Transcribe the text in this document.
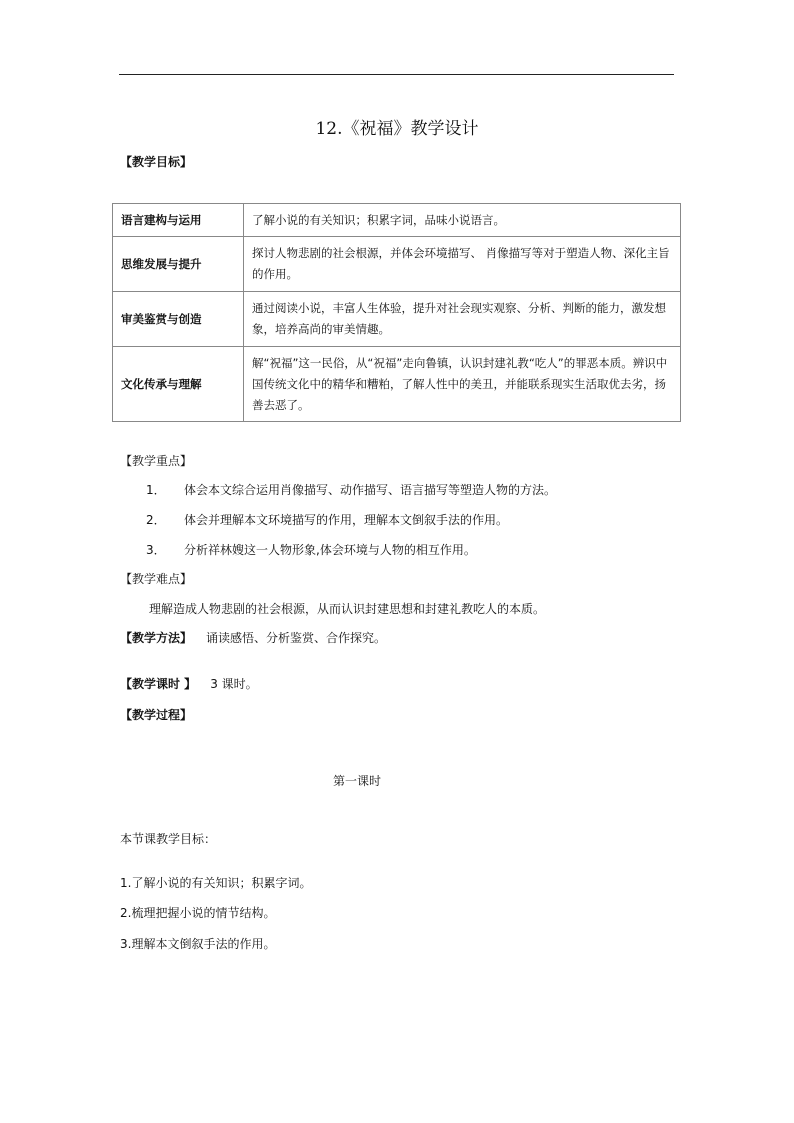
12.《祝福》教学设计
【教学目标】
语言建构与运用	了解小说的有关知识；积累字词，品味小说语言。
思维发展与提升	探讨人物悲剧的社会根源，并体会环境描写、 肖像描写等对于塑造人物、深化主旨的作用。
审美鉴赏与创造	通过阅读小说，丰富人生体验，提升对社会现实观察、分析、判断的能力，激发想象，培养高尚的审美情趣。
文化传承与理解	解“祝福”这一民俗，从“祝福”走向鲁镇，认识封建礼教“吃人”的罪恶本质。辨识中国传统文化中的精华和糟粕，了解人性中的美丑，并能联系现实生活取优去劣，扬善去恶了。
【教学重点】
1． 体会本文综合运用肖像描写、动作描写、语言描写等塑造人物的方法。
2． 体会并理解本文环境描写的作用，理解本文倒叙手法的作用。
3． 分析祥林嫂这一人物形象,体会环境与人物的相互作用。
【教学难点】
理解造成人物悲剧的社会根源，从而认识封建思想和封建礼教吃人的本质。
【教学方法】 诵读感悟、分析鉴赏、合作探究。
【教学课时 】 3 课时。
【教学过程】
第一课时
本节课教学目标：
1.了解小说的有关知识；积累字词。
2.梳理把握小说的情节结构。
3.理解本文倒叙手法的作用。
